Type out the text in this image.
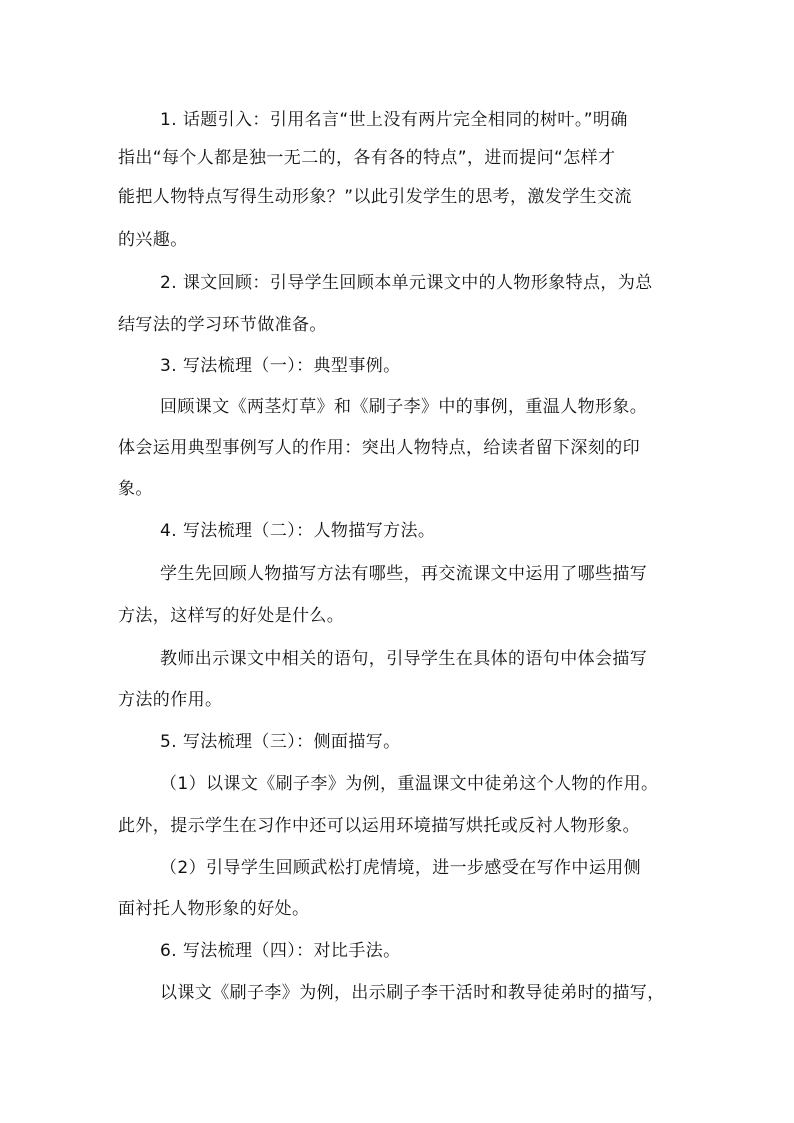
1. 话题引入：引用名言“世上没有两片完全相同的树叶。”明确
指出“每个人都是独一无二的，各有各的特点”，进而提问“怎样才
能把人物特点写得生动形象？”以此引发学生的思考，激发学生交流
的兴趣。
2. 课文回顾：引导学生回顾本单元课文中的人物形象特点，为总
结写法的学习环节做准备。
3. 写法梳理（一）：典型事例。
回顾课文《两茎灯草》和《刷子李》中的事例，重温人物形象。
体会运用典型事例写人的作用：突出人物特点，给读者留下深刻的印
象。
4. 写法梳理（二）：人物描写方法。
学生先回顾人物描写方法有哪些，再交流课文中运用了哪些描写
方法，这样写的好处是什么。
教师出示课文中相关的语句，引导学生在具体的语句中体会描写
方法的作用。
5. 写法梳理（三）：侧面描写。
（1）以课文《刷子李》为例，重温课文中徒弟这个人物的作用。
此外，提示学生在习作中还可以运用环境描写烘托或反衬人物形象。
（2）引导学生回顾武松打虎情境，进一步感受在写作中运用侧
面衬托人物形象的好处。
6. 写法梳理（四）：对比手法。
以课文《刷子李》为例，出示刷子李干活时和教导徒弟时的描写，
